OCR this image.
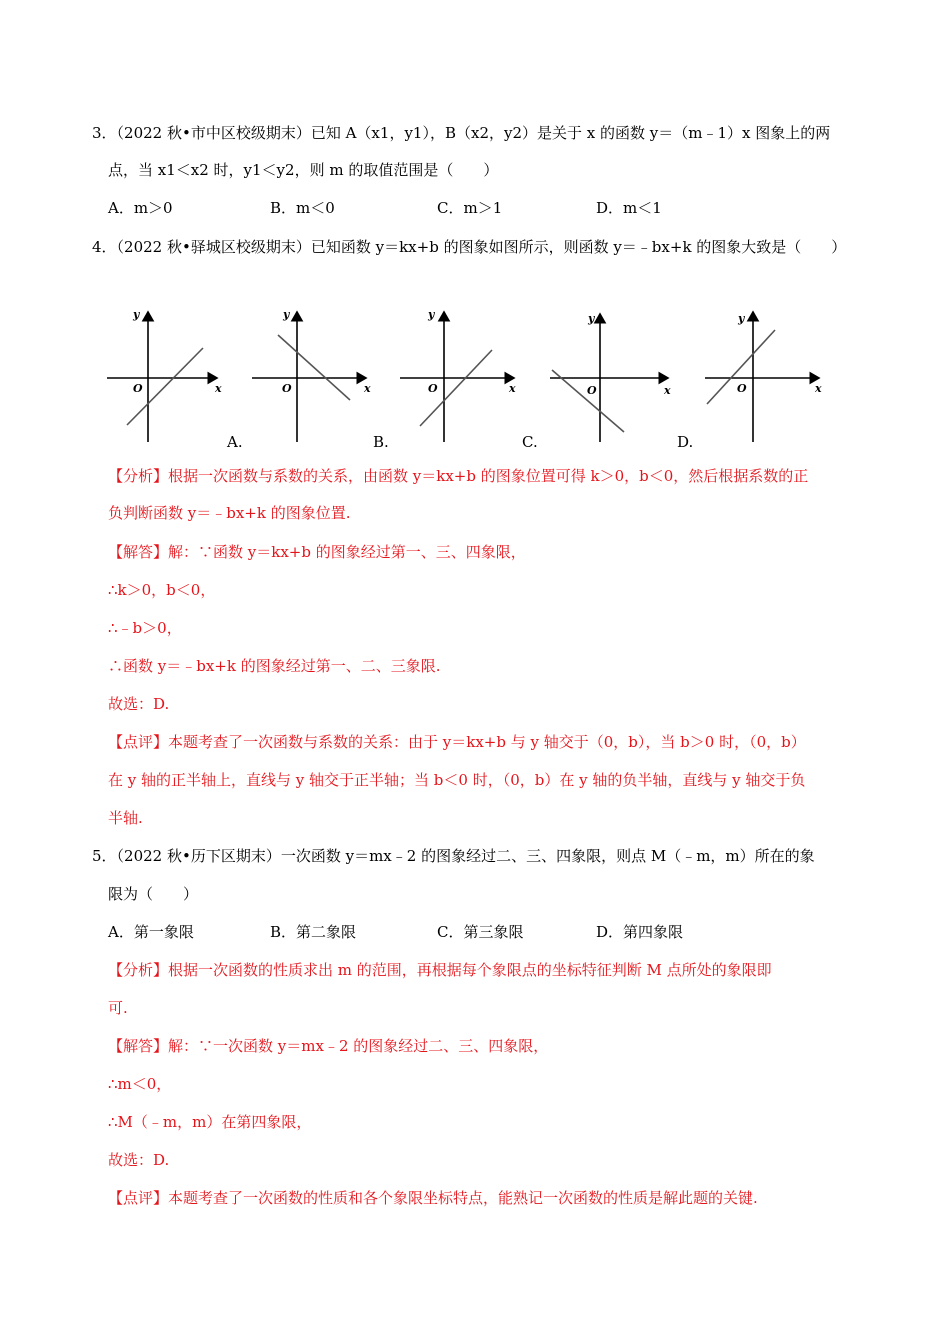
3．（2022 秋•市中区校级期末）已知 A（x1，y1），B（x2，y2）是关于 x 的函数 y＝（m﹣1）x 图象上的两
点，当 x1＜x2 时，y1＜y2，则 m 的取值范围是（　　）
A．m＞0	B．m＜0	C．m＞1	D．m＜1
4．（2022 秋•驿城区校级期末）已知函数 y＝kx+b 的图象如图所示，则函数 y＝﹣bx+k 的图象大致是（　　）
x
y
O	x
y
O
A.
x
y
O
B.
x
y
O
C.
x
y
O
D.
【分析】根据一次函数与系数的关系，由函数 y＝kx+b 的图象位置可得 k＞0，b＜0，然后根据系数的正
负判断函数 y＝﹣bx+k 的图象位置.
【解答】解：∵函数 y＝kx+b 的图象经过第一、三、四象限，
∴k＞0，b＜0，
∴﹣b＞0，
∴函数 y＝﹣bx+k 的图象经过第一、二、三象限.
故选：D.
【点评】本题考查了一次函数与系数的关系：由于 y＝kx+b 与 y 轴交于（0，b），当 b＞0 时，（0，b）
在 y 轴的正半轴上，直线与 y 轴交于正半轴；当 b＜0 时，（0，b）在 y 轴的负半轴，直线与 y 轴交于负
半轴.
5．（2022 秋•历下区期末）一次函数 y＝mx﹣2 的图象经过二、三、四象限，则点 M（﹣m，m）所在的象
限为（　　）
A．第一象限	B．第二象限	C．第三象限	D．第四象限
【分析】根据一次函数的性质求出 m 的范围，再根据每个象限点的坐标特征判断 M 点所处的象限即
可.
【解答】解：∵一次函数 y＝mx﹣2 的图象经过二、三、四象限，
∴m＜0，
∴M（﹣m，m）在第四象限，
故选：D.
【点评】本题考查了一次函数的性质和各个象限坐标特点，能熟记一次函数的性质是解此题的关键.
